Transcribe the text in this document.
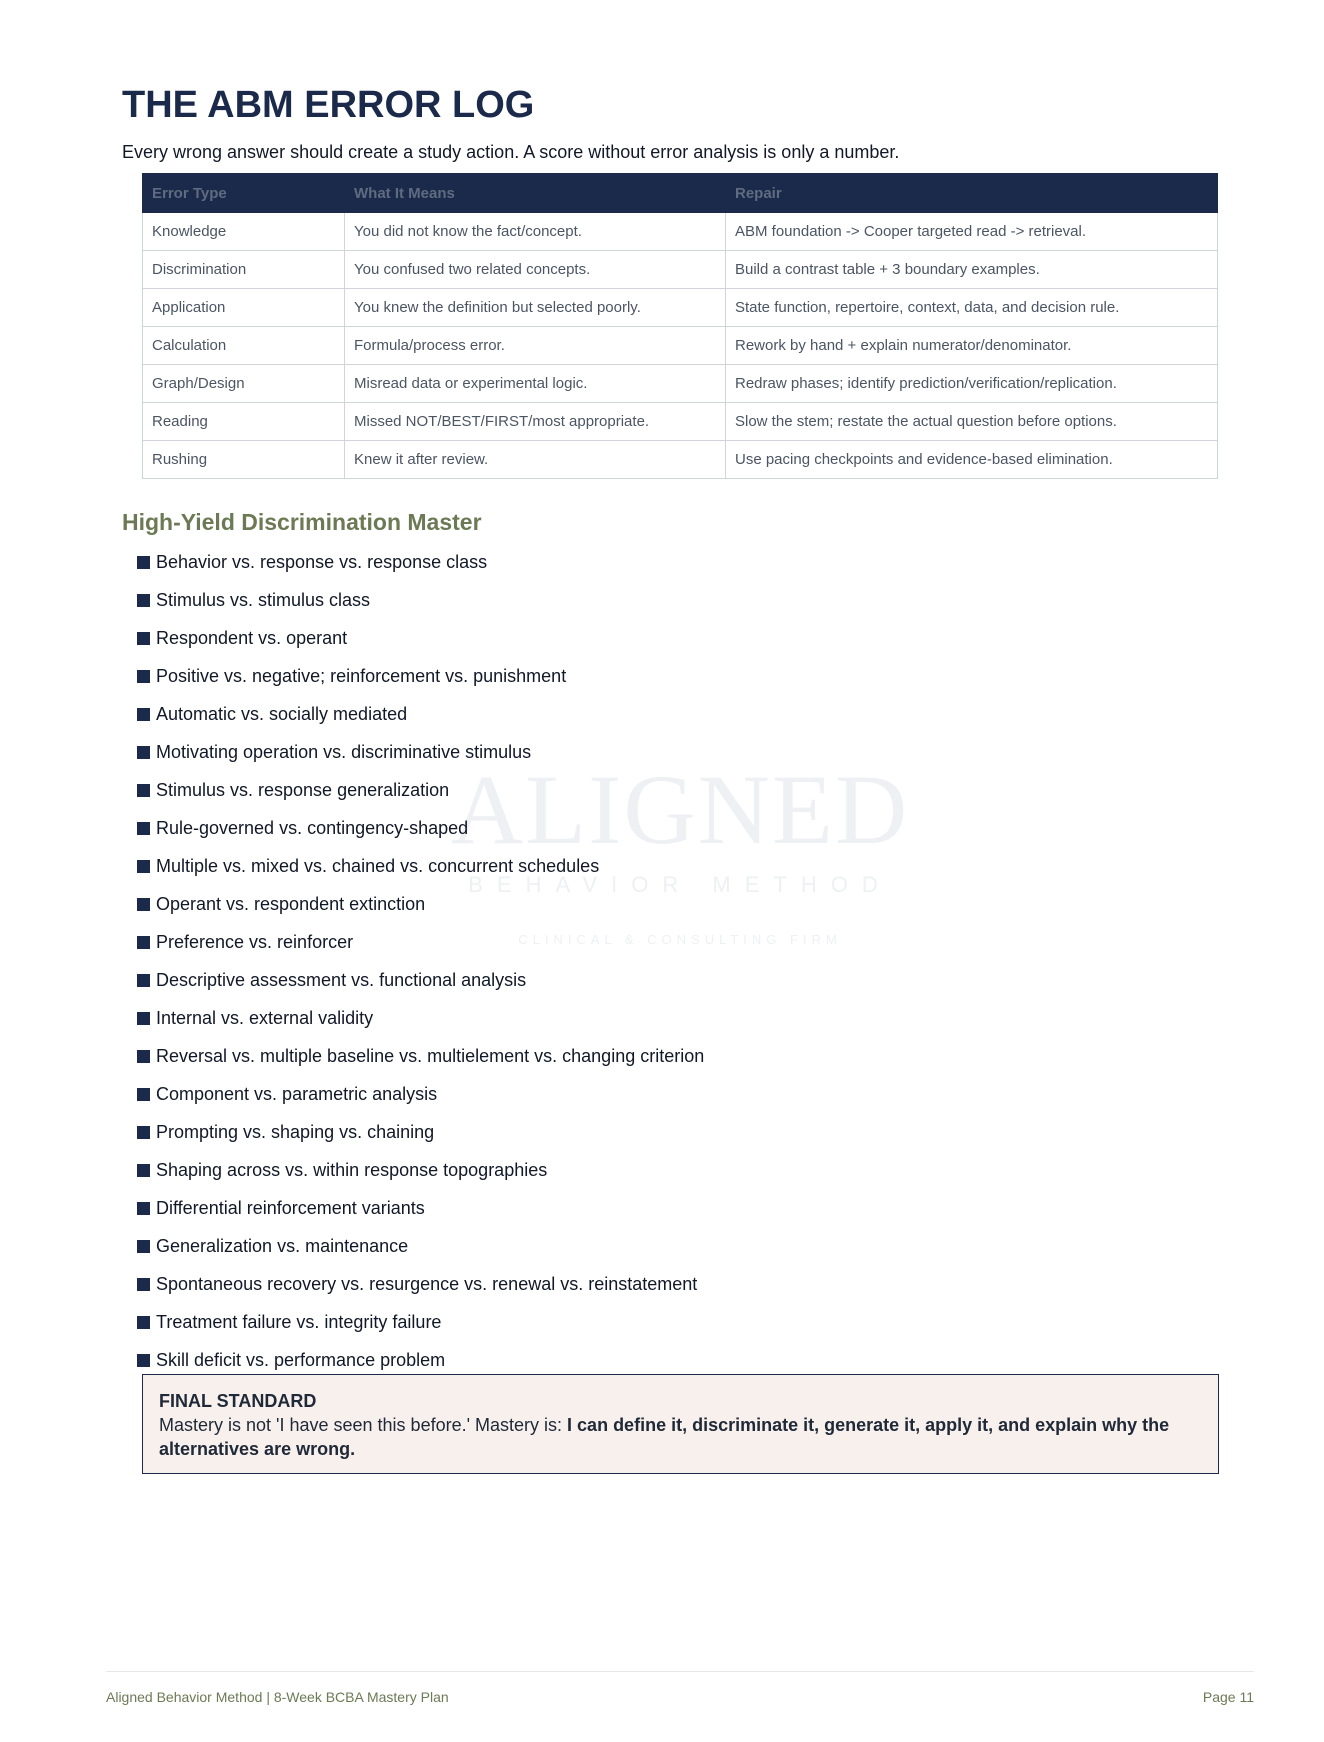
THE ABM ERROR LOG

Every wrong answer should create a study action. A score without error analysis is only a number.

Error Type	What It Means	Repair
Knowledge	You did not know the fact/concept.	ABM foundation -> Cooper targeted read -> retrieval.
Discrimination	You confused two related concepts.	Build a contrast table + 3 boundary examples.
Application	You knew the definition but selected poorly.	State function, repertoire, context, data, and decision rule.
Calculation	Formula/process error.	Rework by hand + explain numerator/denominator.
Graph/Design	Misread data or experimental logic.	Redraw phases; identify prediction/verification/replication.
Reading	Missed NOT/BEST/FIRST/most appropriate.	Slow the stem; restate the actual question before options.
Rushing	Knew it after review.	Use pacing checkpoints and evidence-based elimination.
ALIGNED
BEHAVIOR METHOD
CLINICAL & CONSULTING FIRM
High-Yield Discrimination Master
Behavior vs. response vs. response class
Stimulus vs. stimulus class
Respondent vs. operant
Positive vs. negative; reinforcement vs. punishment
Automatic vs. socially mediated
Motivating operation vs. discriminative stimulus
Stimulus vs. response generalization
Rule-governed vs. contingency-shaped
Multiple vs. mixed vs. chained vs. concurrent schedules
Operant vs. respondent extinction
Preference vs. reinforcer
Descriptive assessment vs. functional analysis
Internal vs. external validity
Reversal vs. multiple baseline vs. multielement vs. changing criterion
Component vs. parametric analysis
Prompting vs. shaping vs. chaining
Shaping across vs. within response topographies
Differential reinforcement variants
Generalization vs. maintenance
Spontaneous recovery vs. resurgence vs. renewal vs. reinstatement
Treatment failure vs. integrity failure
Skill deficit vs. performance problem
FINAL STANDARD
Mastery is not 'I have seen this before.' Mastery is: I can define it, discriminate it, generate it, apply it, and explain why the alternatives are wrong.
Aligned Behavior Method | 8-Week BCBA Mastery Plan	Page 11
